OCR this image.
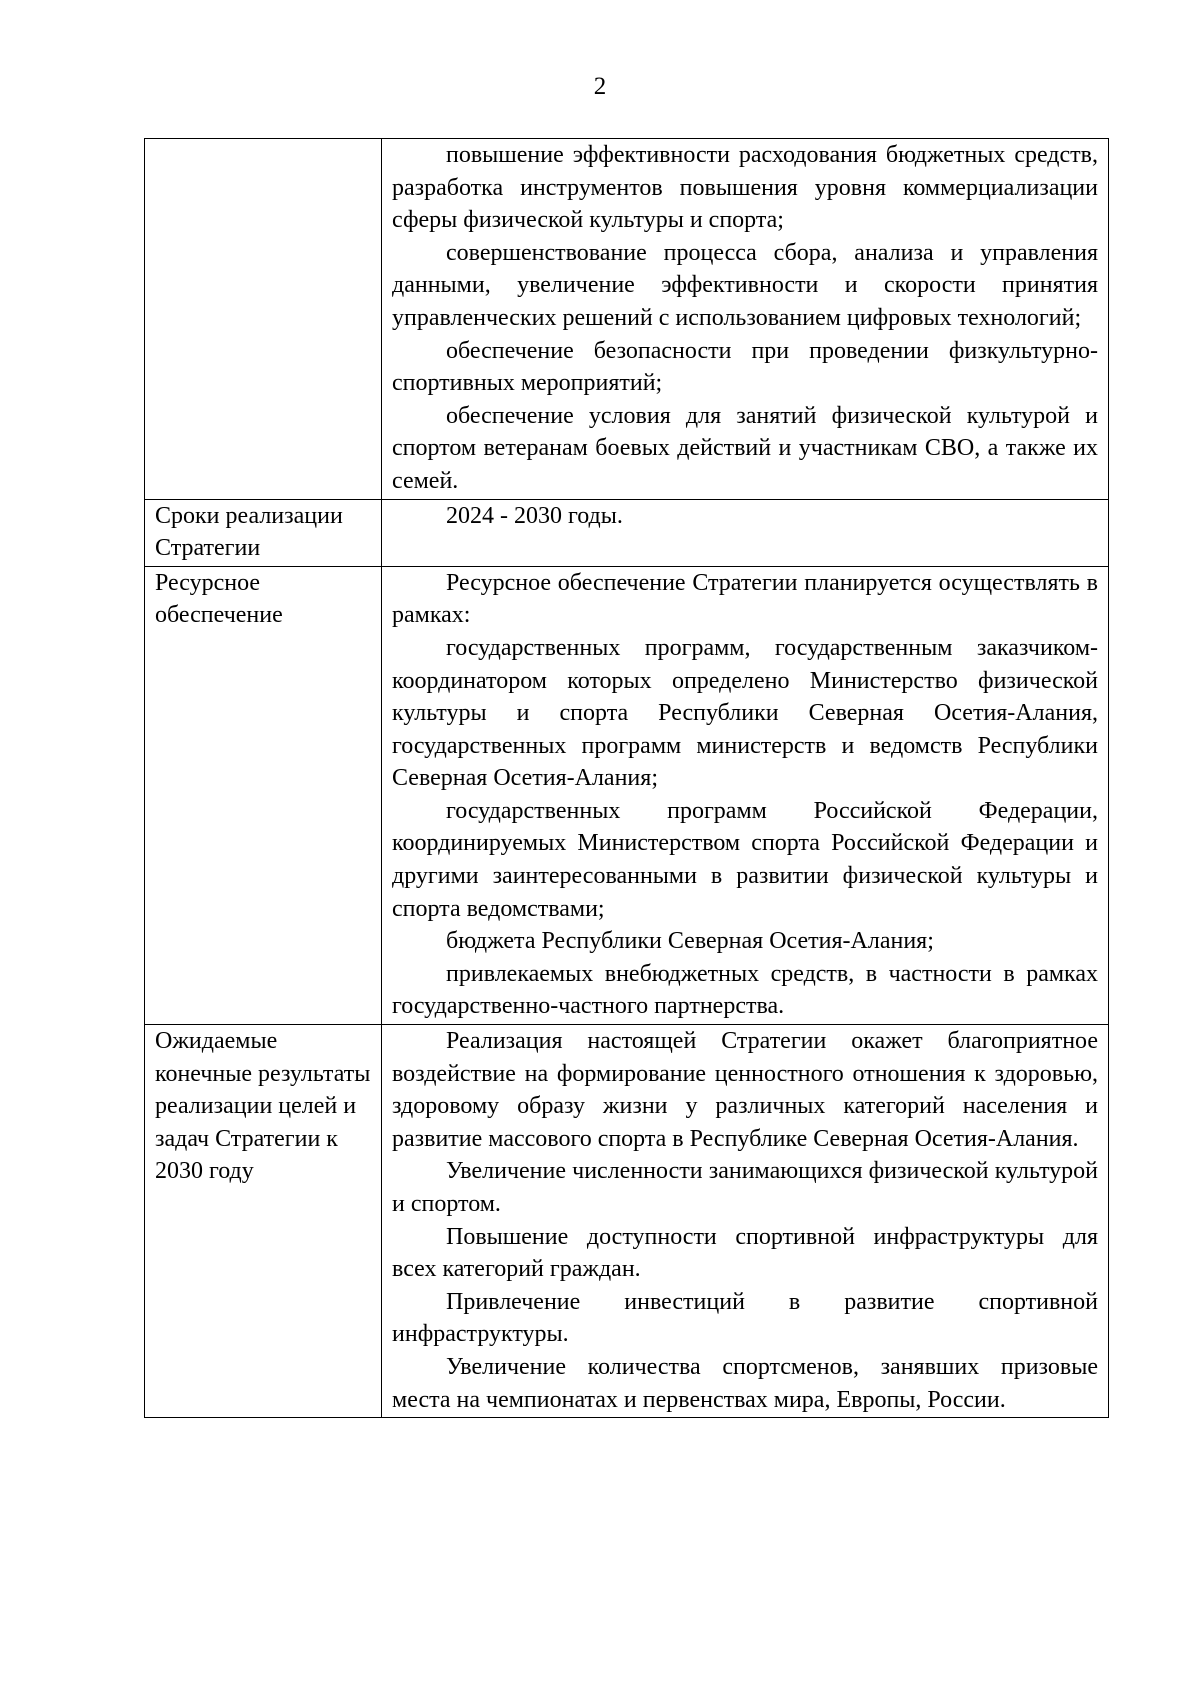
2

	повышение эффективности расходования бюджетных средств, разработка инструментов повышения уровня коммерциализации сферы физической культуры и спорта;

совершенствование процесса сбора, анализа и управления данными, увеличение эффективности и скорости принятия управленческих решений с использованием цифровых технологий;

обеспечение безопасности при проведении физкультурно-спортивных мероприятий;

обеспечение условия для занятий физической культурой и спортом ветеранам боевых действий и участникам СВО, а также их семей.

Сроки реализации Стратегии	2024 - 2030 годы.

Ресурсное обеспечение	Ресурсное обеспечение Стратегии планируется осуществлять в рамках:

государственных программ, государственным заказчиком-координатором которых определено Министерство физической культуры и спорта Республики Северная Осетия-Алания, государственных программ министерств и ведомств Республики Северная Осетия-Алания;

государственных программ Российской Федерации, координируемых Министерством спорта Российской Федерации и другими заинтересованными в развитии физической культуры и спорта ведомствами;

бюджета Республики Северная Осетия-Алания;

привлекаемых внебюджетных средств, в частности в рамках государственно-частного партнерства.

Ожидаемые конечные результаты реализации целей и задач Стратегии к 2030 году	Реализация настоящей Стратегии окажет благоприятное воздействие на формирование ценностного отношения к здоровью, здоровому образу жизни у различных категорий населения и развитие массового спорта в Республике Северная Осетия-Алания.

Увеличение численности занимающихся физической культурой и спортом.

Повышение доступности спортивной инфраструктуры для всех категорий граждан.

Привлечение инвестиций в развитие спортивной инфраструктуры.

Увеличение количества спортсменов, занявших призовые места на чемпионатах и первенствах мира, Европы, России.
